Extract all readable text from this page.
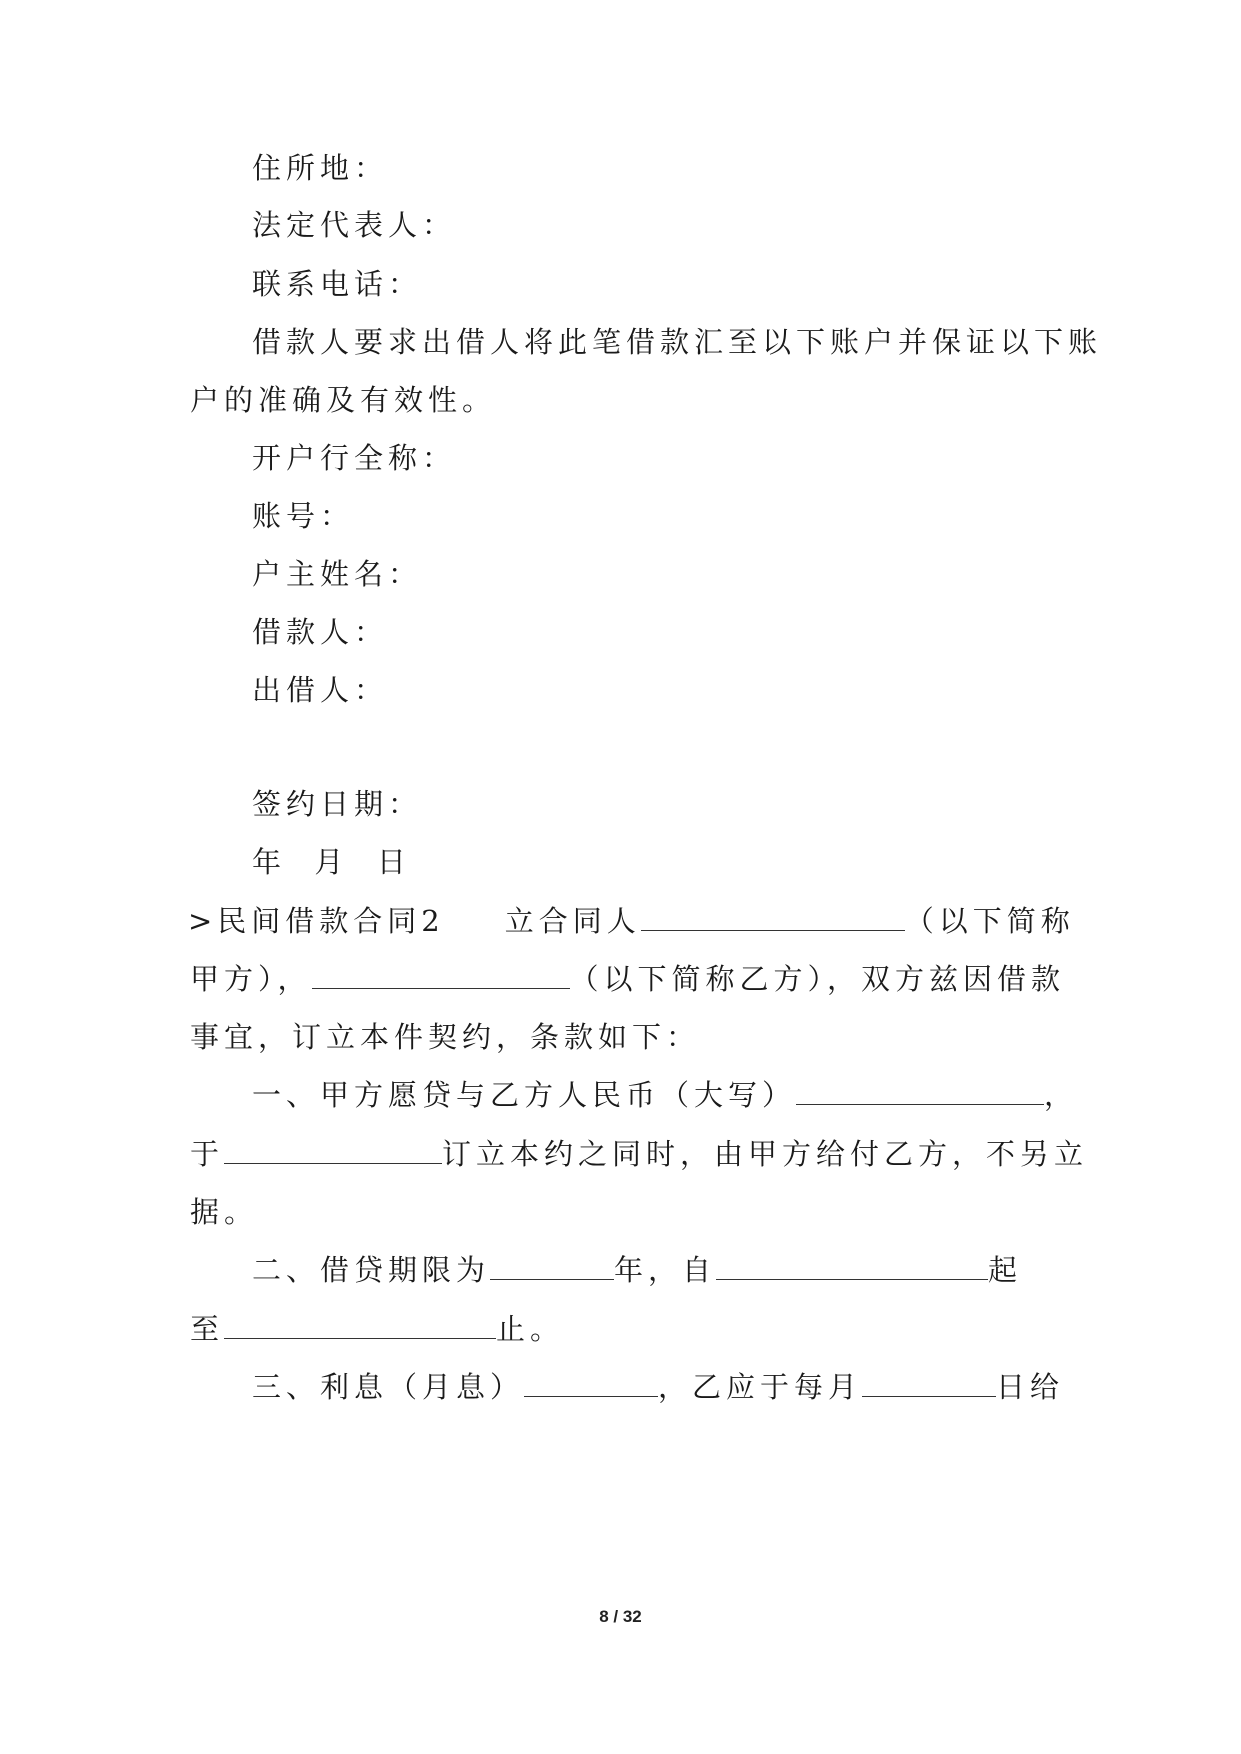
住所地：
法定代表人：
联系电话：
借款人要求出借人将此笔借款汇至以下账户并保证以下账
户的准确及有效性。
开户行全称：
账号：
户主姓名：
借款人：
出借人：
签约日期：
年  月  日
>民间借款合同2 立合同人	（以下简称
甲方），	（以下简称乙方），双方兹因借款
事宜，订立本件契约，条款如下：
一、甲方愿贷与乙方人民币（大写）	，
于	订立本约之同时，由甲方给付乙方，不另立
据。
二、借贷期限为	年，自	起
至	止。
三、利息（月息）	，乙应于每月	日给
8 / 32
